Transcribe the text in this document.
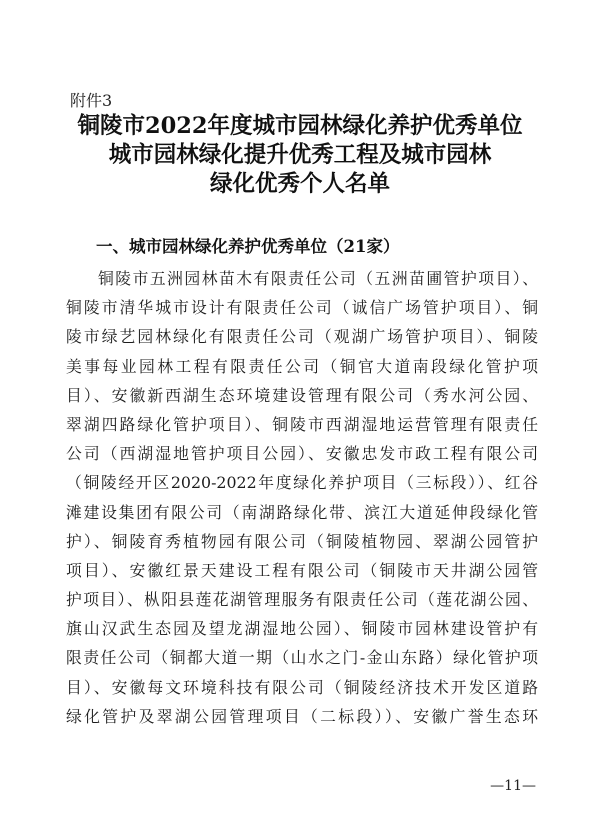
附件3
铜陵市2022年度城市园林绿化养护优秀单位
城市园林绿化提升优秀工程及城市园林
绿化优秀个人名单
一、城市园林绿化养护优秀单位（21家）
铜陵市五洲园林苗木有限责任公司（五洲苗圃管护项目）、
铜陵市清华城市设计有限责任公司（诚信广场管护项目）、铜
陵市绿艺园林绿化有限责任公司（观湖广场管护项目）、铜陵
美事每业园林工程有限责任公司（铜官大道南段绿化管护项
目）、安徽新西湖生态环境建设管理有限公司（秀水河公园、
翠湖四路绿化管护项目）、铜陵市西湖湿地运营管理有限责任
公司（西湖湿地管护项目公园）、安徽忠发市政工程有限公司
（铜陵经开区2020-2022年度绿化养护项目（三标段））、红谷
滩建设集团有限公司（南湖路绿化带、滨江大道延伸段绿化管
护）、铜陵育秀植物园有限公司（铜陵植物园、翠湖公园管护
项目）、安徽红景天建设工程有限公司（铜陵市天井湖公园管
护项目）、枞阳县莲花湖管理服务有限责任公司（莲花湖公园、
旗山汉武生态园及望龙湖湿地公园）、铜陵市园林建设管护有
限责任公司（铜都大道一期（山水之门-金山东路）绿化管护项
目）、安徽每文环境科技有限公司（铜陵经济技术开发区道路
绿化管护及翠湖公园管理项目（二标段））、安徽广誉生态环
—11—
